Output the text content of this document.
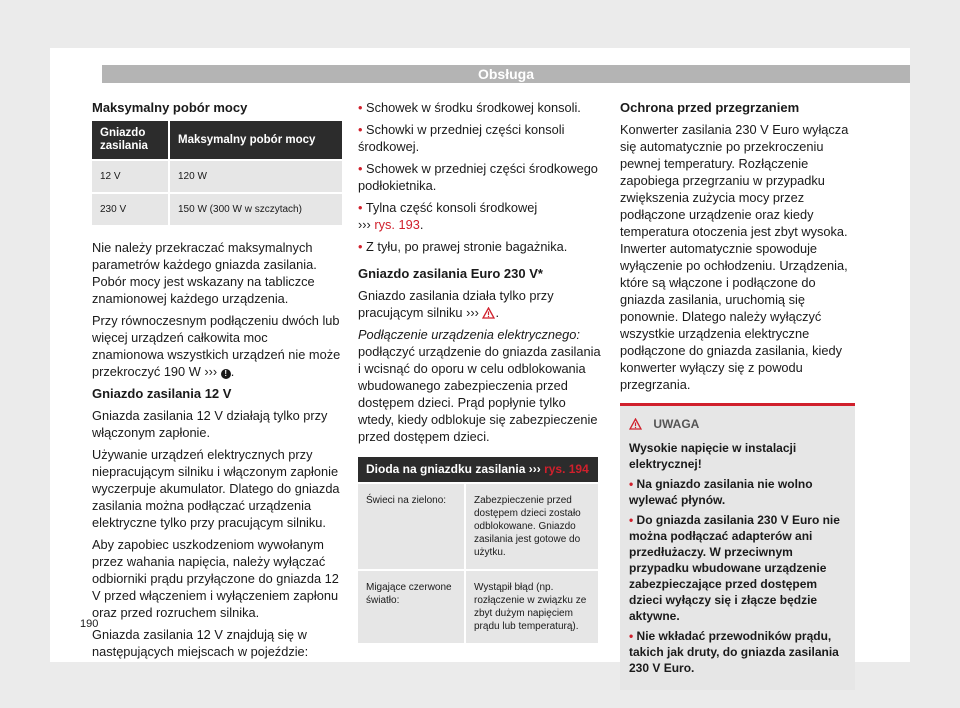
Obsługa
Maksymalny pobór mocy
Gniazdo zasilania	Maksymalny pobór mocy
12 V	120 W
230 V	150 W (300 W w szczytach)

Nie należy przekraczać maksymalnych parametrów każdego gniazda zasilania. Pobór mocy jest wskazany na tabliczce znamionowej każdego urządzenia.

Przy równoczesnym podłączeniu dwóch lub więcej urządzeń całkowita moc znamionowa wszystkich urządzeń nie może przekroczyć 190 W ››› ! .

Gniazdo zasilania 12 V

Gniazda zasilania 12 V działają tylko przy włączonym zapłonie.

Używanie urządzeń elektrycznych przy niepracującym silniku i włączonym zapłonie wyczerpuje akumulator. Dlatego do gniazda zasilania można podłączać urządzenia elektryczne tylko przy pracującym silniku.

Aby zapobiec uszkodzeniom wywołanym przez wahania napięcia, należy wyłączać odbiorniki prądu przyłączone do gniazda 12 V przed włączeniem i wyłączeniem zapłonu oraz przed rozruchem silnika.

Gniazda zasilania 12 V znajdują się w następujących miejscach w pojeździe:

• Schowek w środku środkowej konsoli.
• Schowki w przedniej części konsoli środkowej.
• Schowek w przedniej części środkowego podłokietnika.
• Tylna część konsoli środkowej
››› rys. 193.
• Z tyłu, po prawej stronie bagażnika.
Gniazdo zasilania Euro 230 V*

Gniazdo zasilania działa tylko przy pracującym silniku ››› .

Podłączenie urządzenia elektrycznego: podłączyć urządzenie do gniazda zasilania i wcisnąć do oporu w celu odblokowania wbudowanego zabezpieczenia przed dostępem dzieci. Prąd popłynie tylko wtedy, kiedy odblokuje się zabezpieczenie przed dostępem dzieci.

Dioda na gniazdku zasilania ››› rys. 194	
Świeci na zielono:	Zabezpieczenie przed dostępem dzieci zostało odblokowane. Gniazdo zasilania jest gotowe do użytku.
Migające czerwone światło:	Wystąpił błąd (np. rozłączenie w związku ze zbyt dużym napięciem prądu lub temperaturą).
Ochrona przed przegrzaniem

Konwerter zasilania 230 V Euro wyłącza się automatycznie po przekroczeniu pewnej temperatury. Rozłączenie zapobiega przegrzaniu w przypadku zwiększenia zużycia mocy przez podłączone urządzenie oraz kiedy temperatura otoczenia jest zbyt wysoka. Inwerter automatycznie spowoduje wyłączenie po ochłodzeniu. Urządzenia, które są włączone i podłączone do gniazda zasilania, uruchomią się ponownie. Dlatego należy wyłączyć wszystkie urządzenia elektryczne podłączone do gniazda zasilania, kiedy konwerter wyłączy się z powodu przegrzania.

UWAGA

Wysokie napięcie w instalacji elektrycznej!

• Na gniazdo zasilania nie wolno wylewać płynów.

• Do gniazda zasilania 230 V Euro nie można podłączać adapterów ani przedłużaczy. W przeciwnym przypadku wbudowane urządzenie zabezpieczające przed dostępem dzieci wyłączy się i złącze będzie aktywne.

• Nie wkładać przewodników prądu, takich jak druty, do gniazda zasilania 230 V Euro.

190
